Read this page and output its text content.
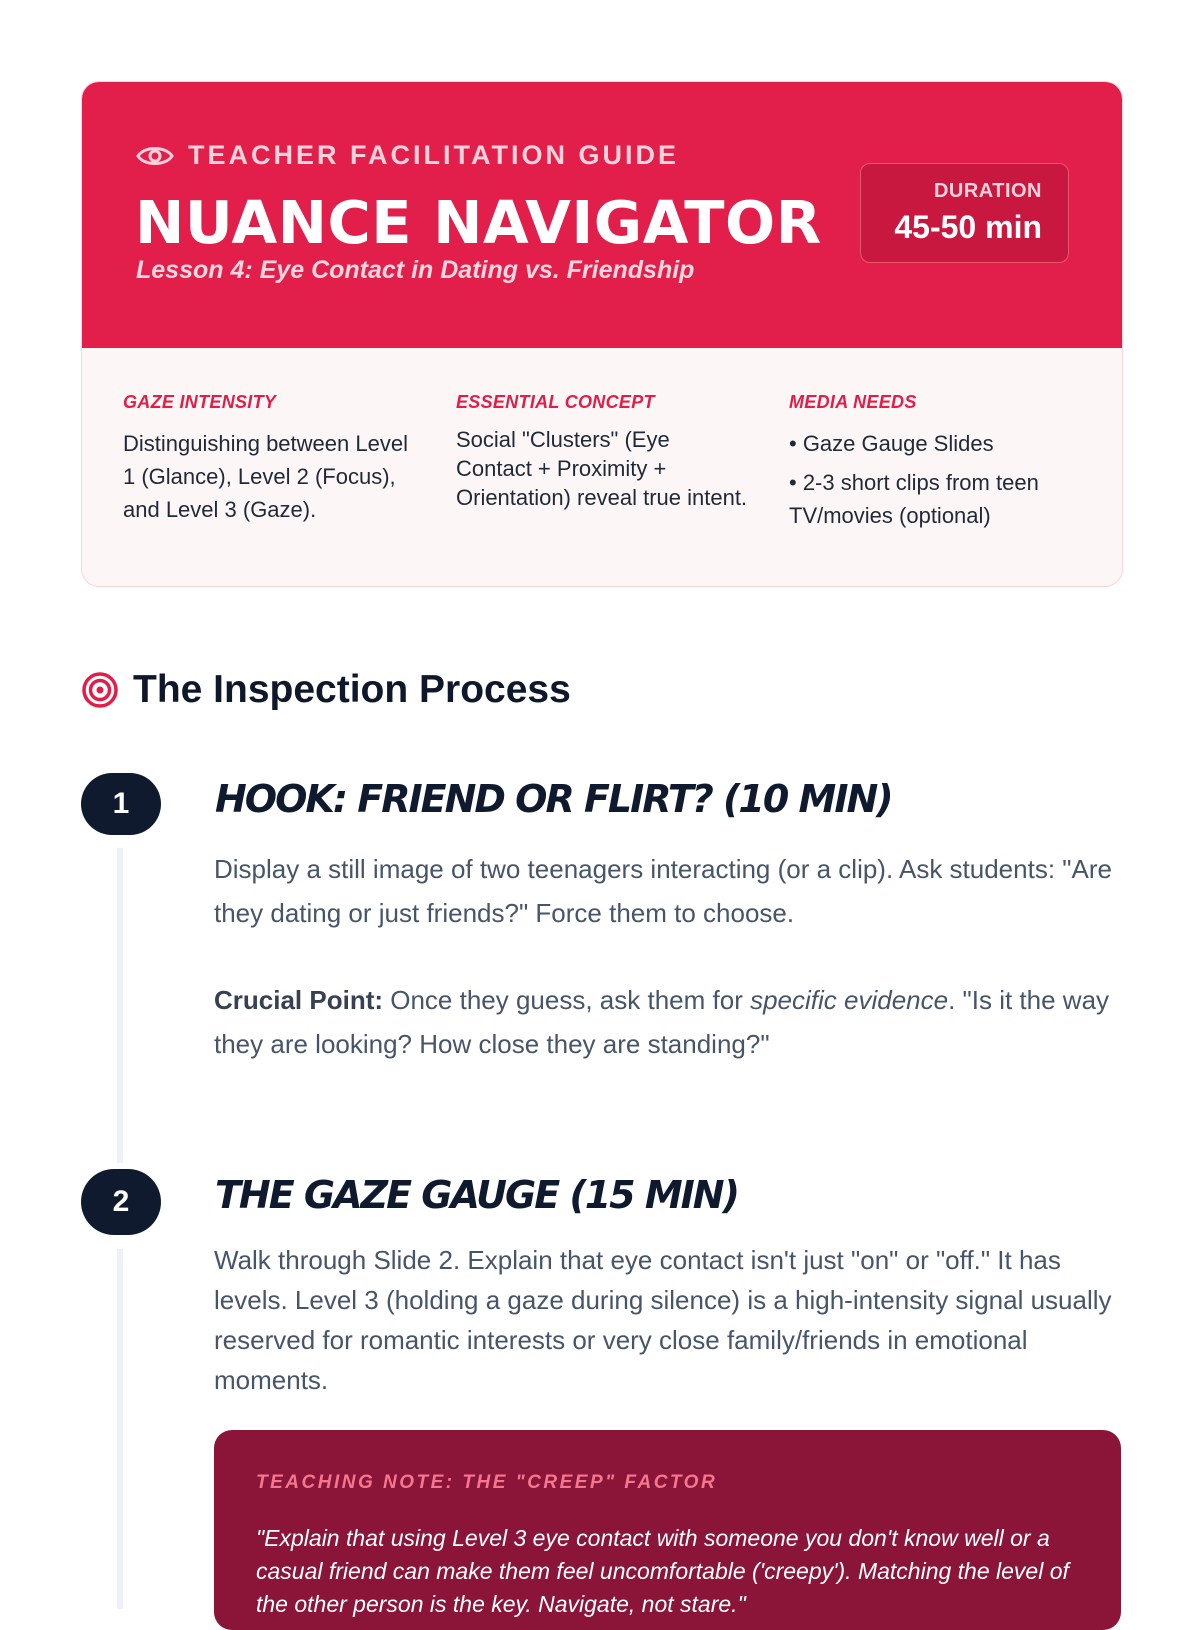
TEACHER FACILITATION GUIDE
NUANCE NAVIGATOR
Lesson 4: Eye Contact in Dating vs. Friendship
DURATION
45-50 min
GAZE INTENSITY
Distinguishing between Level 1 (Glance), Level 2 (Focus), and Level 3 (Gaze).
ESSENTIAL CONCEPT
Social "Clusters" (Eye Contact + Proximity + Orientation) reveal true intent.
MEDIA NEEDS
• Gaze Gauge Slides
• 2-3 short clips from teen TV/movies (optional)
The Inspection Process
1	HOOK: FRIEND OR FLIRT? (10 MIN)
Display a still image of two teenagers interacting (or a clip). Ask students: "Are they dating or just friends?" Force them to choose.
Crucial Point: Once they guess, ask them for specific evidence. "Is it the way they are looking? How close they are standing?"
2	THE GAZE GAUGE (15 MIN)
Walk through Slide 2. Explain that eye contact isn't just "on" or "off." It has levels. Level 3 (holding a gaze during silence) is a high-intensity signal usually reserved for romantic interests or very close family/friends in emotional moments.
TEACHING NOTE: THE "CREEP" FACTOR
"Explain that using Level 3 eye contact with someone you don't know well or a casual friend can make them feel uncomfortable ('creepy'). Matching the level of the other person is the key. Navigate, not stare."
